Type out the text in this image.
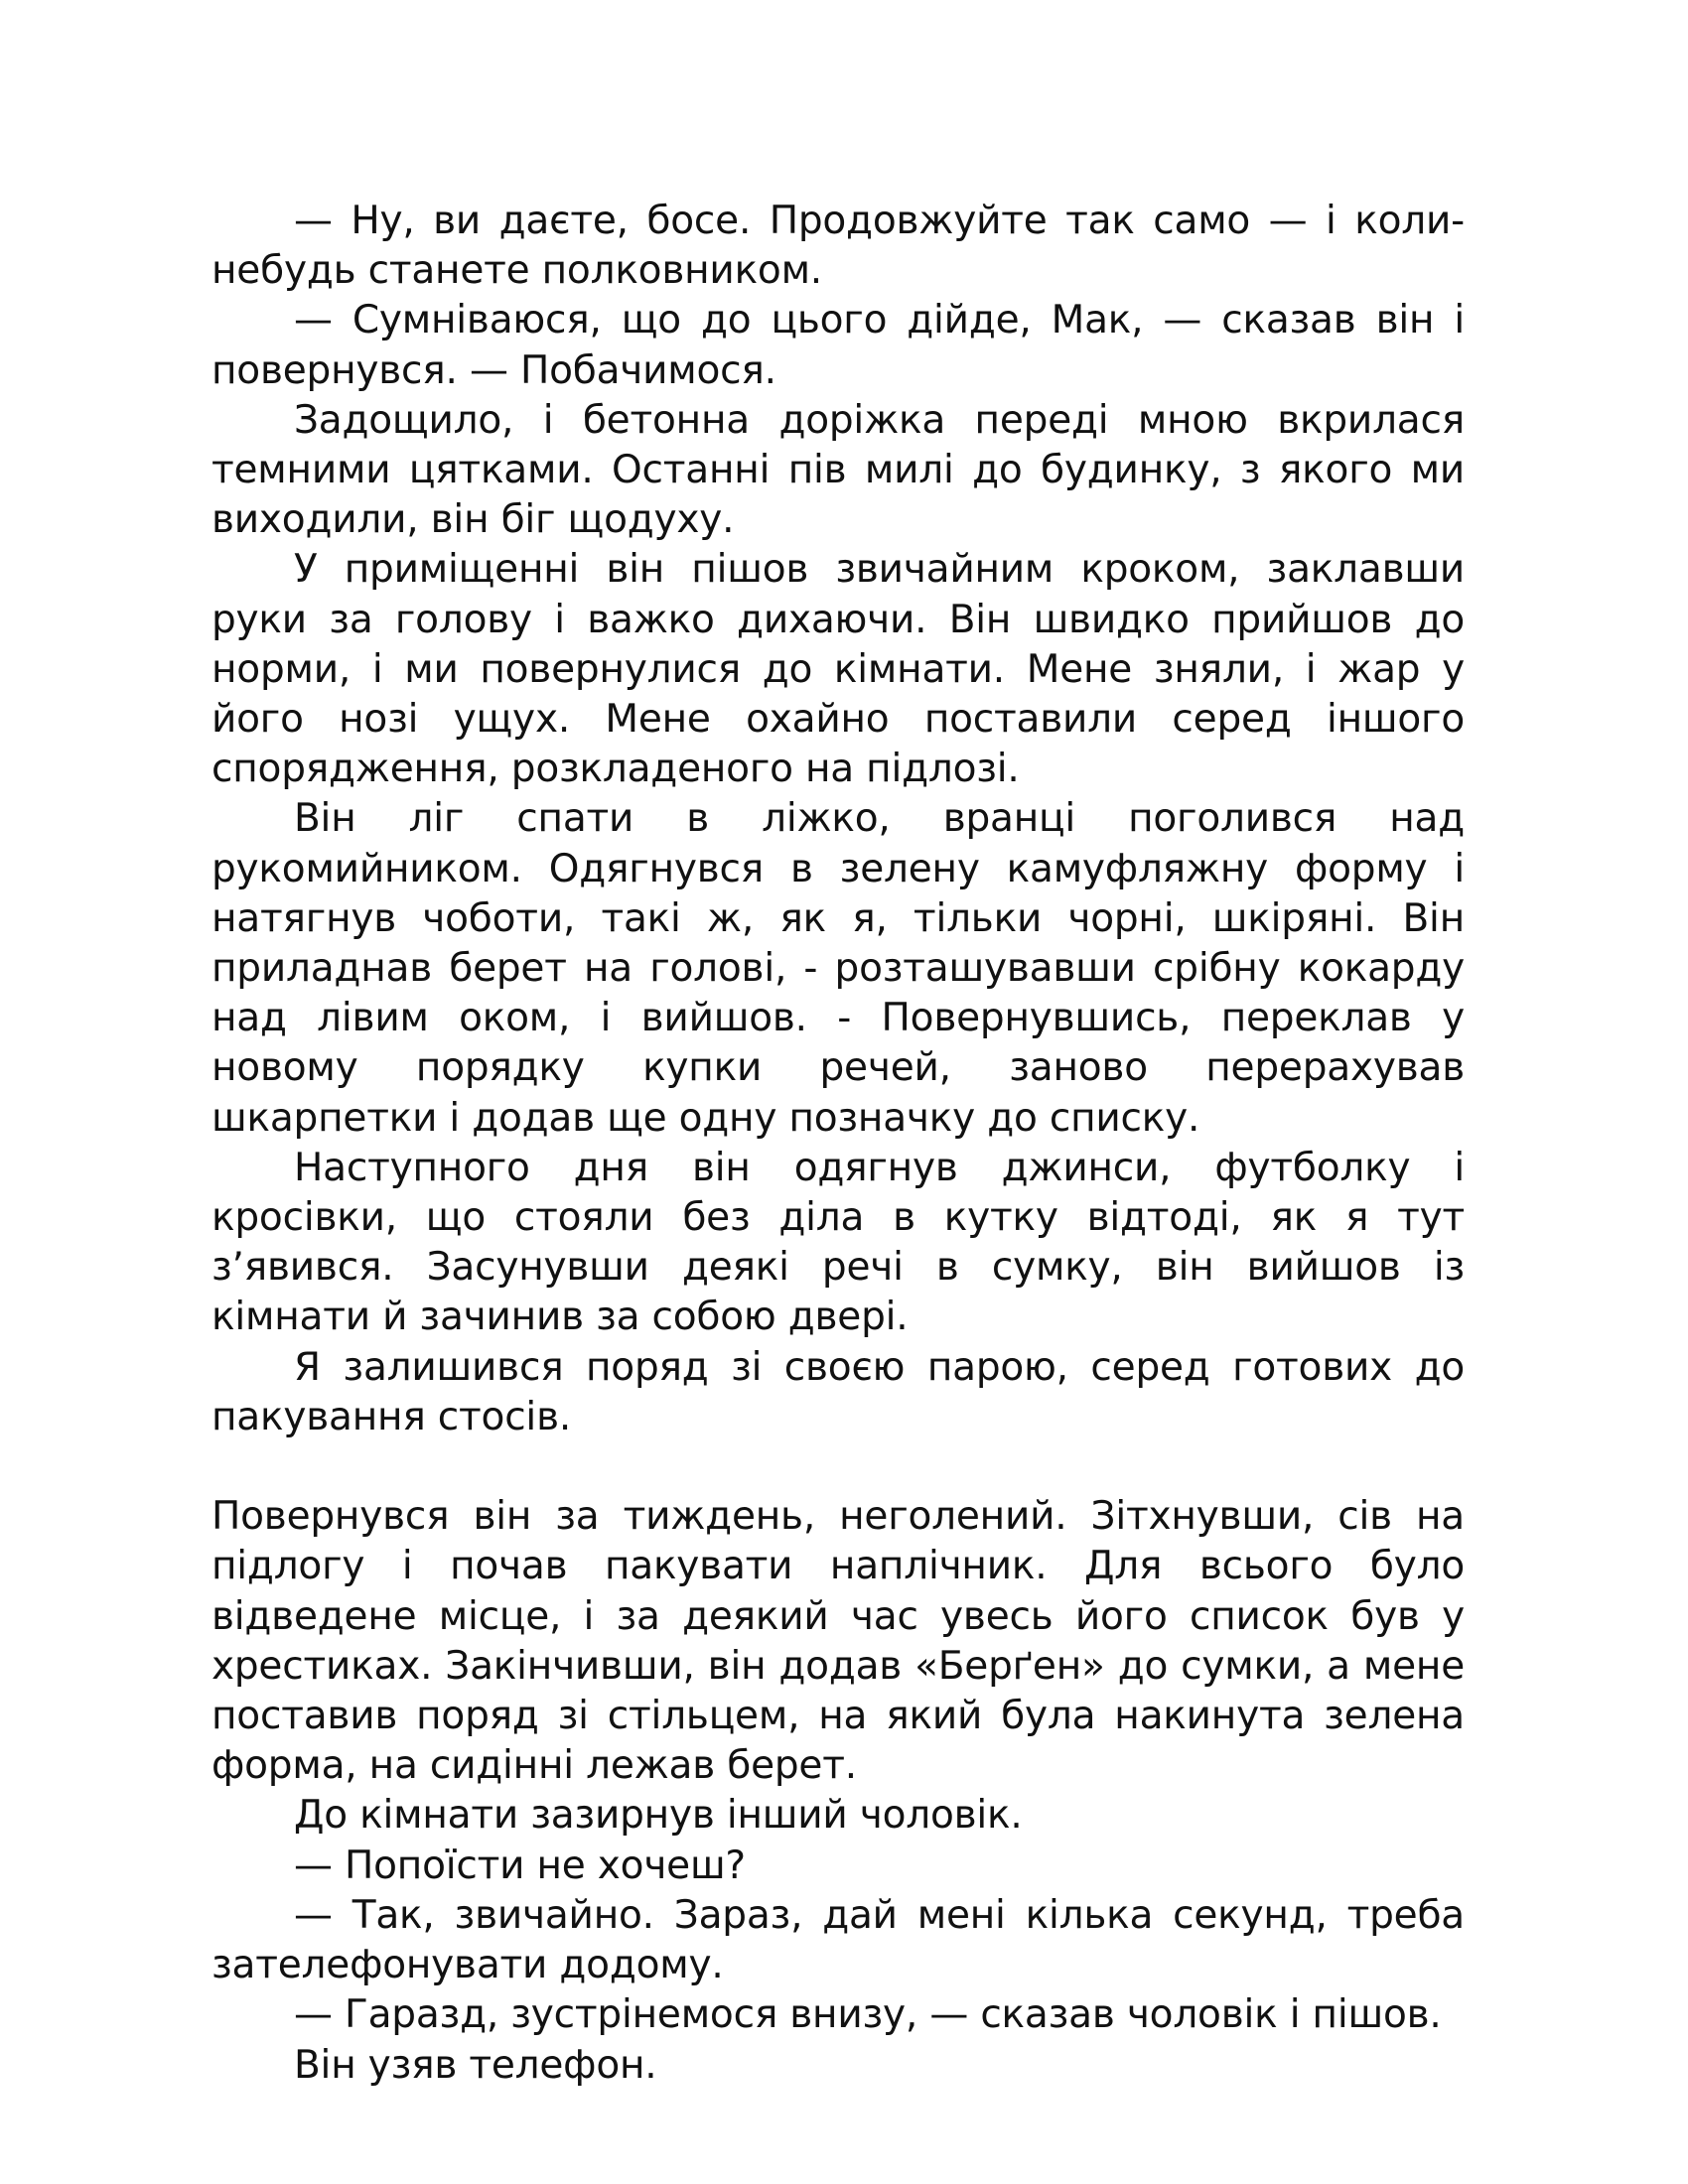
— Ну, ви даєте, босе. Продовжуйте так само — і коли-небудь станете полковником.

— Сумніваюся, що до цього дійде, Мак, — сказав він і повернувся. — Побачимося.

Задощило, і бетонна доріжка переді мною вкрилася темними цятками. Останні пів милі до будинку, з якого ми виходили, він біг щодуху.

У приміщенні він пішов звичайним кроком, заклавши руки за голову і важко дихаючи. Він швидко прийшов до норми, і ми повернулися до кімнати. Мене зняли, і жар у його нозі ущух. Мене охайно поставили серед іншого спорядження, розкладеного на підлозі.

Він ліг спати в ліжко, вранці поголився над рукомийником. Одягнувся в зелену камуфляжну форму і натягнув чоботи, такі ж, як я, тільки чорні, шкіряні. Він приладнав берет на голові, - розташувавши срібну кокарду над лівим оком, і вийшов. - Повернувшись, переклав у новому порядку купки речей, заново перерахував шкарпетки і додав ще одну позначку до списку.

Наступного дня він одягнув джинси, футболку і кросівки, що стояли без діла в кутку відтоді, як я тут з’явився. Засунувши деякі речі в сумку, він вийшов із кімнати й зачинив за собою двері.

Я залишився поряд зі своєю парою, серед готових до пакування стосів.

Повернувся він за тиждень, неголений. Зітхнувши, сів на підлогу і почав пакувати наплічник. Для всього було відведене місце, і за деякий час увесь його список був у хрестиках. Закінчивши, він додав «Берґен» до сумки, а мене поставив поряд зі стільцем, на який була накинута зелена форма, на сидінні лежав берет.

До кімнати зазирнув інший чоловік.

— Попоїсти не хочеш?

— Так, звичайно. Зараз, дай мені кілька секунд, треба зателефонувати додому.

— Гаразд, зустрінемося внизу, — сказав чоловік і пішов.

Він узяв телефон.
